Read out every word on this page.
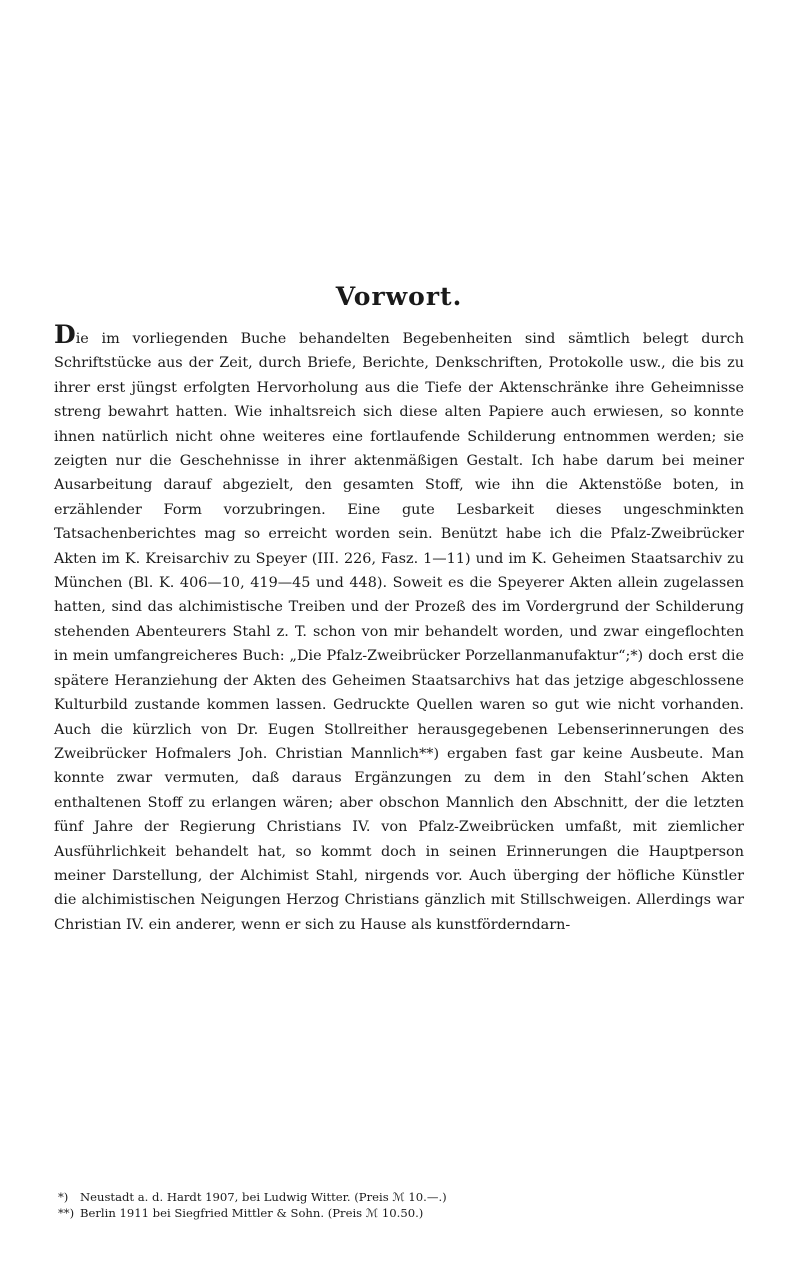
Vorwort.

Die im vorliegenden Buche behandelten Begebenheiten sind sämtlich belegt durch Schriftstücke aus der Zeit, durch Briefe, Berichte, Denkschriften, Protokolle usw., die bis zu ihrer erst jüngst erfolgten Hervorholung aus die Tiefe der Aktenschränke ihre Geheimnisse streng bewahrt hatten. Wie inhaltsreich sich diese alten Papiere auch erwiesen, so konnte ihnen natürlich nicht ohne weiteres eine fortlaufende Schilderung entnommen werden; sie zeigten nur die Geschehnisse in ihrer aktenmäßigen Gestalt. Ich habe darum bei meiner Ausarbeitung darauf abgezielt, den gesamten Stoff, wie ihn die Aktenstöße boten, in erzählender Form vorzubringen. Eine gute Lesbarkeit dieses ungeschminkten Tatsachenberichtes mag so erreicht worden sein. Benützt habe ich die Pfalz-Zweibrücker Akten im K. Kreisarchiv zu Speyer (III. 226, Fasz. 1—11) und im K. Geheimen Staatsarchiv zu München (Bl. K. 406—10, 419—45 und 448). Soweit es die Speyerer Akten allein zugelassen hatten, sind das alchimistische Treiben und der Prozeß des im Vordergrund der Schilderung stehenden Abenteurers Stahl z. T. schon von mir behandelt worden, und zwar eingeflochten in mein umfangreicheres Buch: „Die Pfalz-Zweibrücker Porzellanmanufaktur“;*) doch erst die spätere Heranziehung der Akten des Geheimen Staatsarchivs hat das jetzige abgeschlossene Kulturbild zustande kommen lassen. Gedruckte Quellen waren so gut wie nicht vorhanden. Auch die kürzlich von Dr. Eugen Stollreither herausgegebenen Lebenserinnerungen des Zweibrücker Hofmalers Joh. Christian Mannlich**) ergaben fast gar keine Ausbeute. Man konnte zwar vermuten, daß daraus Ergänzungen zu dem in den Stahl’schen Akten enthaltenen Stoff zu erlangen wären; aber obschon Mannlich den Abschnitt, der die letzten fünf Jahre der Regierung Christians IV. von Pfalz-Zweibrücken umfaßt, mit ziemlicher Ausführlichkeit behandelt hat, so kommt doch in seinen Erinnerungen die Hauptperson meiner Darstellung, der Alchimist Stahl, nirgends vor. Auch überging der höfliche Künstler die alchimistischen Neigungen Herzog Christians gänzlich mit Stillschweigen. Allerdings war Christian IV. ein anderer, wenn er sich zu Hause als kunstförderndarn-

*) Neustadt a. d. Hardt 1907, bei Ludwig Witter. (Preis ℳ 10.—.)

**) Berlin 1911 bei Siegfried Mittler & Sohn. (Preis ℳ 10.50.)
